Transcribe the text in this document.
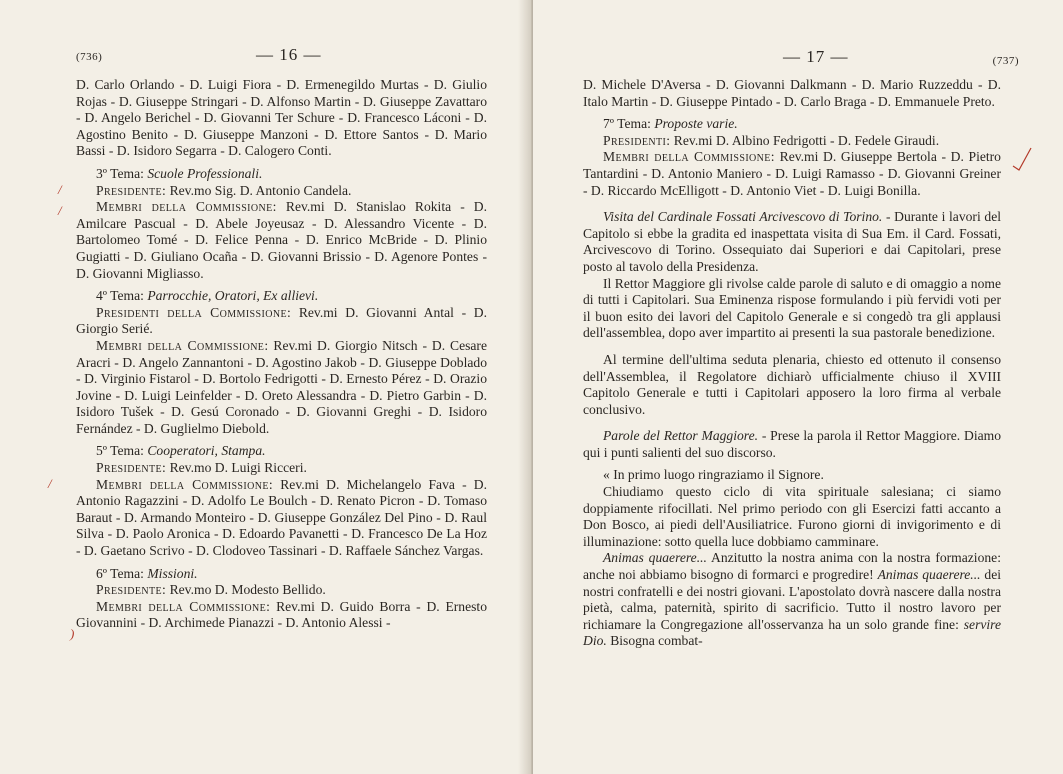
(736)	— 16 —

D. Carlo Orlando - D. Luigi Fiora - D. Ermenegildo Murtas - D. Giulio Rojas - D. Giuseppe Stringari - D. Alfonso Martin - D. Giuseppe Zavattaro - D. Angelo Berichel - D. Giovanni Ter Schure - D. Francesco Láconi - D. Agostino Benito - D. Giuseppe Manzoni - D. Ettore Santos - D. Mario Bassi - D. Isidoro Segarra - D. Calogero Conti.

3º Tema: Scuole Professionali.

Presidente: Rev.mo Sig. D. Antonio Candela.

Membri della Commissione: Rev.mi D. Stanislao Rokita - D. Amilcare Pascual - D. Abele Joyeusaz - D. Alessandro Vicente - D. Bartolomeo Tomé - D. Felice Penna - D. Enrico McBride - D. Plinio Gugiatti - D. Giuliano Ocaña - D. Giovanni Brissio - D. Agenore Pontes - D. Giovanni Migliasso.

4º Tema: Parrocchie, Oratori, Ex allievi.

Presidenti della Commissione: Rev.mi D. Giovanni Antal - D. Giorgio Serié.

Membri della Commissione: Rev.mi D. Giorgio Nitsch - D. Cesare Aracri - D. Angelo Zannantoni - D. Agostino Jakob - D. Giuseppe Doblado - D. Virginio Fistarol - D. Bortolo Fedrigotti - D. Ernesto Pérez - D. Orazio Jovine - D. Luigi Leinfelder - D. Oreto Alessandra - D. Pietro Garbin - D. Isidoro Tušek - D. Gesú Coronado - D. Giovanni Greghi - D. Isidoro Fernández - D. Guglielmo Diebold.

5º Tema: Cooperatori, Stampa.

Presidente: Rev.mo D. Luigi Ricceri.

Membri della Commissione: Rev.mi D. Michelangelo Fava - D. Antonio Ragazzini - D. Adolfo Le Boulch - D. Renato Picron - D. Tomaso Baraut - D. Armando Monteiro - D. Giuseppe González Del Pino - D. Raul Silva - D. Paolo Aronica - D. Edoardo Pavanetti - D. Francesco De La Hoz - D. Gaetano Scrivo - D. Clodoveo Tassinari - D. Raffaele Sánchez Vargas.

6º Tema: Missioni.

Presidente: Rev.mo D. Modesto Bellido.

Membri della Commissione: Rev.mi D. Guido Borra - D. Ernesto Giovannini - D. Archimede Pianazzi - D. Antonio Alessi -

/
/
/
)
— 17 —	(737)

D. Michele D'Aversa - D. Giovanni Dalkmann - D. Mario Ruzzeddu - D. Italo Martin - D. Giuseppe Pintado - D. Carlo Braga - D. Emmanuele Preto.

7º Tema: Proposte varie.

Presidenti: Rev.mi D. Albino Fedrigotti - D. Fedele Giraudi.

Membri della Commissione: Rev.mi D. Giuseppe Bertola - D. Pietro Tantardini - D. Antonio Maniero - D. Luigi Ramasso - D. Giovanni Greiner - D. Riccardo McElligott - D. Antonio Viet - D. Luigi Bonilla.

Visita del Cardinale Fossati Arcivescovo di Torino. - Durante i lavori del Capitolo si ebbe la gradita ed inaspettata visita di Sua Em. il Card. Fossati, Arcivescovo di Torino. Ossequiato dai Superiori e dai Capitolari, prese posto al tavolo della Presidenza.

Il Rettor Maggiore gli rivolse calde parole di saluto e di omaggio a nome di tutti i Capitolari. Sua Eminenza rispose formulando i più fervidi voti per il buon esito dei lavori del Capitolo Generale e si congedò tra gli applausi dell'assemblea, dopo aver impartito ai presenti la sua pastorale benedizione.

Al termine dell'ultima seduta plenaria, chiesto ed ottenuto il consenso dell'Assemblea, il Regolatore dichiarò ufficialmente chiuso il XVIII Capitolo Generale e tutti i Capitolari apposero la loro firma al verbale conclusivo.

Parole del Rettor Maggiore. - Prese la parola il Rettor Maggiore. Diamo qui i punti salienti del suo discorso.

« In primo luogo ringraziamo il Signore.

Chiudiamo questo ciclo di vita spirituale salesiana; ci siamo doppiamente rifocillati. Nel primo periodo con gli Esercizi fatti accanto a Don Bosco, ai piedi dell'Ausiliatrice. Furono giorni di invigorimento e di illuminazione: sotto quella luce dobbiamo camminare.

Animas quaerere... Anzitutto la nostra anima con la nostra formazione: anche noi abbiamo bisogno di formarci e progredire! Animas quaerere... dei nostri confratelli e dei nostri giovani. L'apostolato dovrà nascere dalla nostra pietà, calma, paternità, spirito di sacrificio. Tutto il nostro lavoro per richiamare la Congregazione all'osservanza ha un solo grande fine: servire Dio. Bisogna combat-
